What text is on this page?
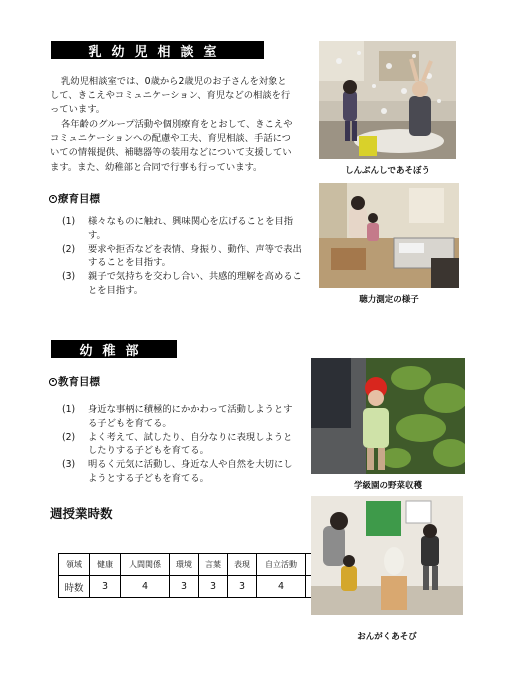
乳幼児相談室
乳幼児相談室では、0歳から2歳児のお子さんを対象として、きこえやコミュニケーション、育児などの相談を行っています。
各年齢のグループ活動や個別療育をとおして、きこえやコミュニケーションへの配慮や工夫、育児相談、手話についての情報提供、補聴器等の装用などについて支援しています。また、幼稚部と合同で行事も行っています。
療育目標
(1)	様々なものに触れ、興味関心を広げることを目指す。
(2)	要求や拒否などを表情、身振り、動作、声等で表出することを目指す。
(3)	親子で気持ちを交わし合い、共感的理解を高めることを目指す。
しんぶんしであそぼう
聴力測定の様子
幼稚部
教育目標
(1)	身近な事柄に積極的にかかわって活動しようとする子どもを育てる。
(2)	よく考えて、試したり、自分なりに表現しようとしたりする子どもを育てる。
(3)	明るく元気に活動し、身近な人や自然を大切にしようとする子どもを育てる。
学級園の野菜収穫
週授業時数
領域	健康	人間関係	環境	言葉	表現	自立活動	
時数	3	4	3	3	3	4	
おんがくあそび
